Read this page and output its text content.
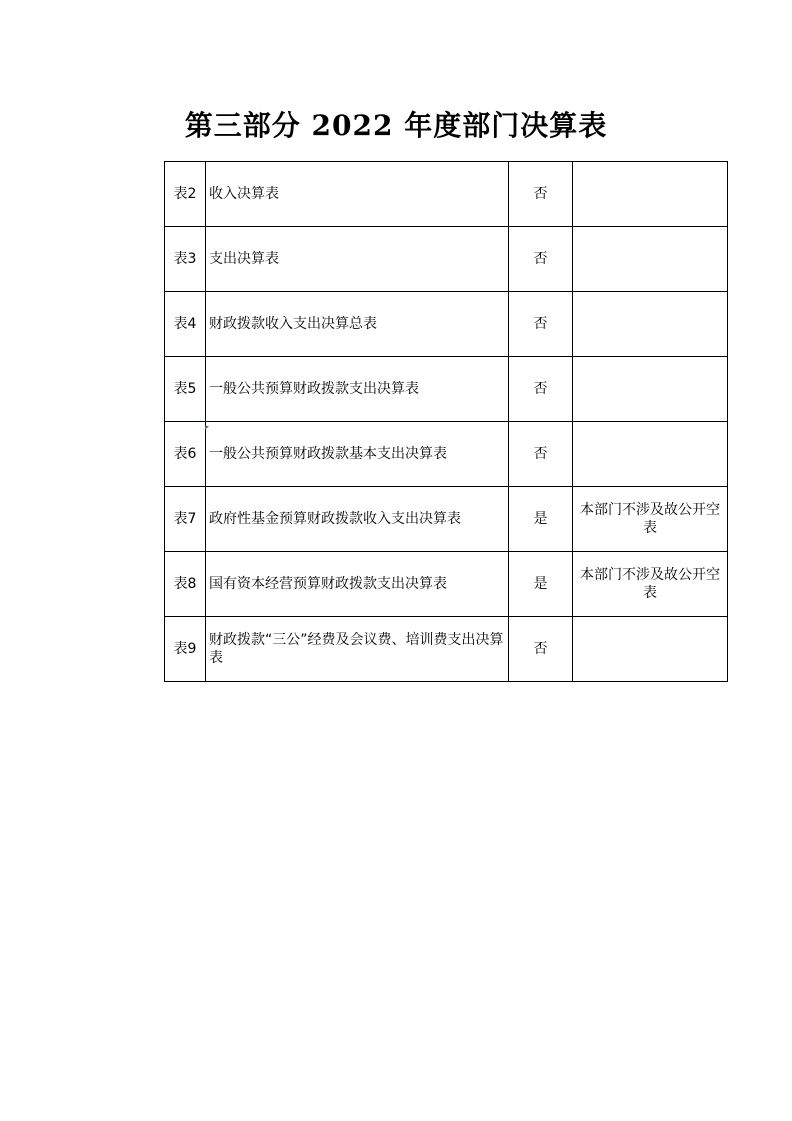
第三部分 2022 年度部门决算表
表2	收入决算表	否	
表3	支出决算表	否	
表4	财政拨款收入支出决算总表	否	
表5	一般公共预算财政拨款支出决算表	否	
表6	一般公共预算财政拨款基本支出决算表	否	
表7	政府性基金预算财政拨款收入支出决算表	是	本部门不涉及故公开空表
表8	国有资本经营预算财政拨款支出决算表	是	本部门不涉及故公开空表
表9	财政拨款“三公”经费及会议费、培训费支出决算表	否	
